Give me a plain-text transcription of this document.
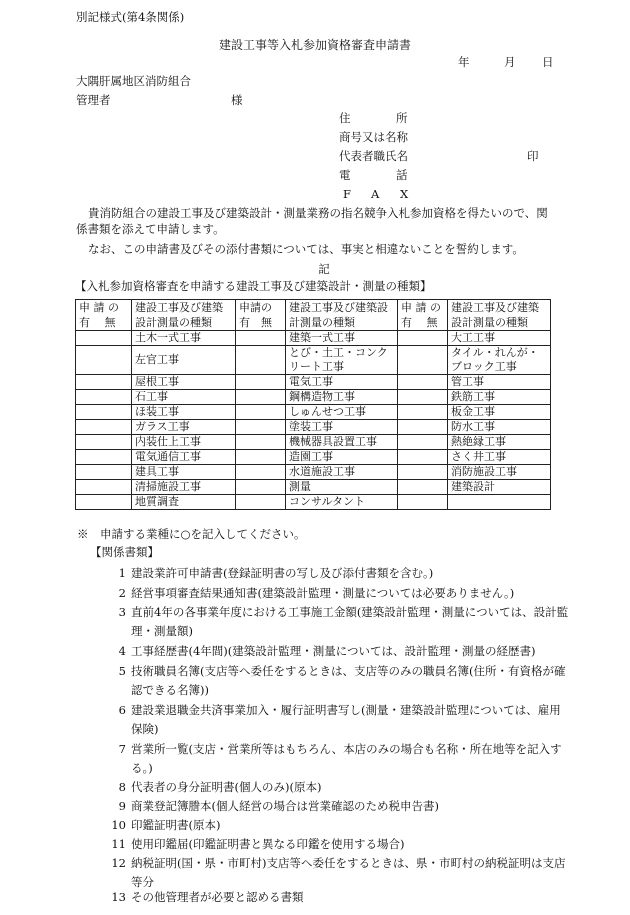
別記様式(第4条関係)
建設工事等入札参加資格審査申請書
年	月 日
大隅肝属地区消防組合
管理者	様
住	所
商号又は名称
代表者職氏名	印
電	話
F A X
貴消防組合の建設工事及び建築設計・測量業務の指名競争入札参加資格を得たいので、関係書類を添えて申請します。
なお、この申請書及びその添付書類については、事実と相違ないことを誓約します。
記
【入札参加資格審査を申請する建設工事及び建築設計・測量の種類】
申 請 の 有　 無	建設工事及び建築設計測量の種類	申請の有　無	建設工事及び建築設計測量の種類	申 請 の 有　 無	建設工事及び建築設計測量の種類
	土木一式工事		建築一式工事		大工工事
	左官工事		とび・土工・コンクリート工事		タイル・れんが・ブロック工事
	屋根工事		電気工事		管工事
	石工事		鋼構造物工事		鉄筋工事
	ほ装工事		しゅんせつ工事		板金工事
	ガラス工事		塗装工事		防水工事
	内装仕上工事		機械器具設置工事		熱絶縁工事
	電気通信工事		造園工事		さく井工事
	建具工事		水道施設工事		消防施設工事
	清掃施設工事		測量		建築設計
	地質調査		コンサルタント		
※　申請する業種に○を記入してください。
【関係書類】
1 建設業許可申請書(登録証明書の写し及び添付書類を含む。)
2 経営事項審査結果通知書(建築設計監理・測量については必要ありません。)
3 直前4年の各事業年度における工事施工金額(建築設計監理・測量については、設計監理・測量額)
4 工事経歴書(4年間)(建築設計監理・測量については、設計監理・測量の経歴書)
5 技術職員名簿(支店等へ委任をするときは、支店等のみの職員名簿(住所・有資格が確認できる名簿))
6 建設業退職金共済事業加入・履行証明書写し(測量・建築設計監理については、雇用保険)
7 営業所一覧(支店・営業所等はもちろん、本店のみの場合も名称・所在地等を記入する。)
8 代表者の身分証明書(個人のみ)(原本)
9 商業登記簿謄本(個人経営の場合は営業確認のため税申告書)
10 印鑑証明書(原本)
11 使用印鑑届(印鑑証明書と異なる印鑑を使用する場合)
12 納税証明(国・県・市町村)支店等へ委任をするときは、県・市町村の納税証明は支店等分
13 その他管理者が必要と認める書類
